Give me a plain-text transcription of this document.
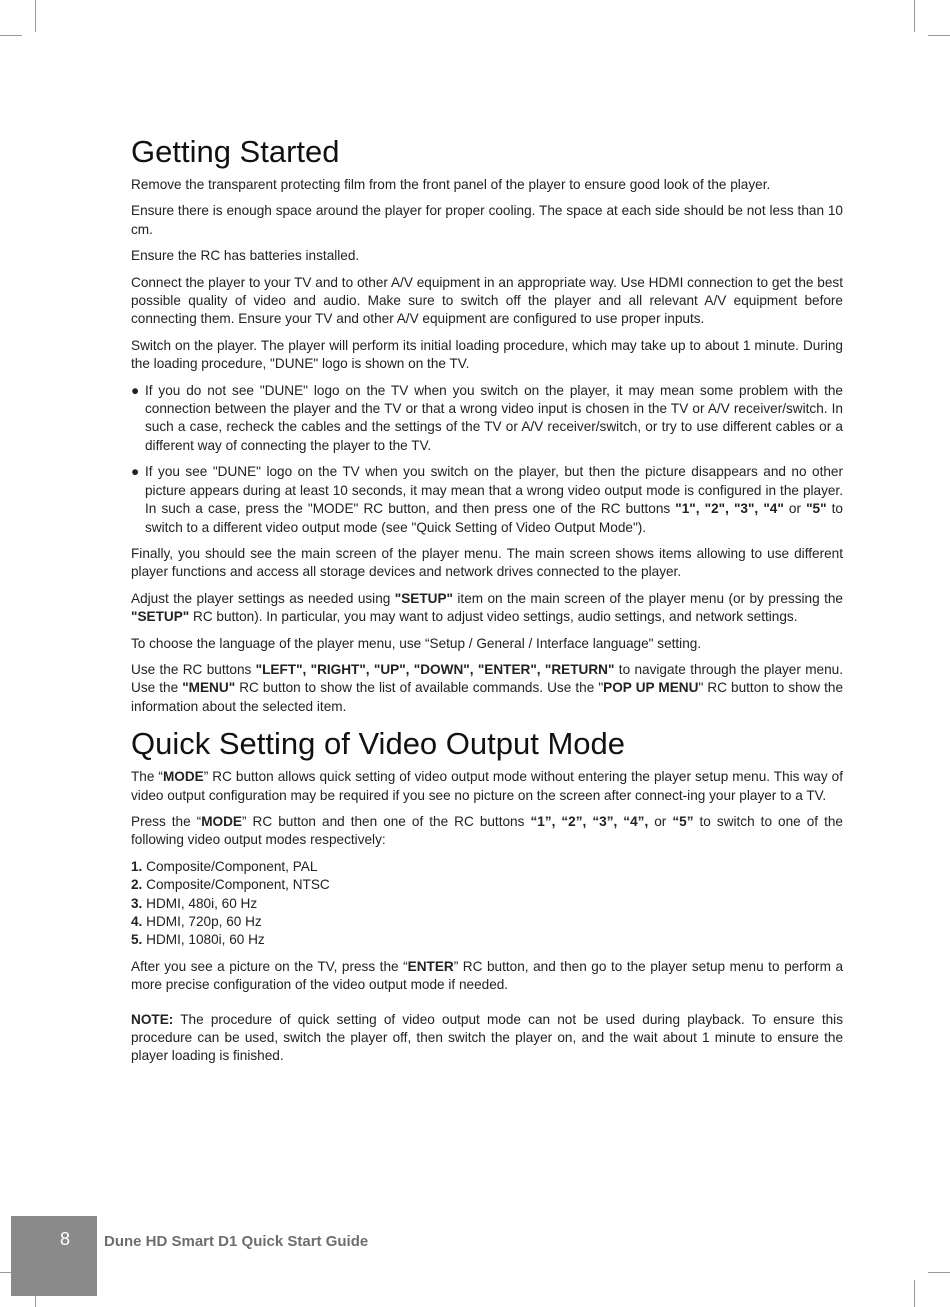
Getting Started

Remove the transparent protecting film from the front panel of the player to ensure good look of the player.

Ensure there is enough space around the player for proper cooling. The space at each side should be not less than 10 cm.

Ensure the RC has batteries installed.

Connect the player to your TV and to other A/V equipment in an appropriate way. Use HDMI connection to get the best possible quality of video and audio. Make sure to switch off the player and all relevant A/V equipment before connecting them. Ensure your TV and other A/V equipment are configured to use proper inputs.

Switch on the player. The player will perform its initial loading procedure, which may take up to about 1 minute. During the loading procedure, "DUNE" logo is shown on the TV.

● If you do not see "DUNE" logo on the TV when you switch on the player, it may mean some problem with the connection between the player and the TV or that a wrong video input is chosen in the TV or A/V receiver/switch. In such a case, recheck the cables and the settings of the TV or A/V receiver/switch, or try to use different cables or a different way of connecting the player to the TV.

● If you see "DUNE" logo on the TV when you switch on the player, but then the picture disappears and no other picture appears during at least 10 seconds, it may mean that a wrong video output mode is configured in the player. In such a case, press the "MODE" RC button, and then press one of the RC buttons "1", "2", "3", "4" or "5" to switch to a different video output mode (see "Quick Setting of Video Output Mode").

Finally, you should see the main screen of the player menu. The main screen shows items allowing to use different player functions and access all storage devices and network drives connected to the player.

Adjust the player settings as needed using "SETUP" item on the main screen of the player menu (or by pressing the "SETUP" RC button). In particular, you may want to adjust video settings, audio settings, and network settings.

To choose the language of the player menu, use “Setup / General / Interface language" setting.

Use the RC buttons "LEFT", "RIGHT", "UP", "DOWN", "ENTER", "RETURN" to navigate through the player menu. Use the "MENU" RC button to show the list of available commands. Use the "POP UP MENU" RC button to show the information about the selected item.

Quick Setting of Video Output Mode

The “MODE” RC button allows quick setting of video output mode without entering the player setup menu. This way of video output configuration may be required if you see no picture on the screen after connect-ing your player to a TV.

Press the “MODE” RC button and then one of the RC buttons “1”, “2”, “3”, “4”, or “5” to switch to one of the following video output modes respectively:

1. Composite/Component, PAL
2. Composite/Component, NTSC
3. HDMI, 480i, 60 Hz
4. HDMI, 720p, 60 Hz
5. HDMI, 1080i, 60 Hz

After you see a picture on the TV, press the “ENTER” RC button, and then go to the player setup menu to perform a more precise configuration of the video output mode if needed.

NOTE: The procedure of quick setting of video output mode can not be used during playback. To ensure this procedure can be used, switch the player off, then switch the player on, and the wait about 1 minute to ensure the player loading is finished.

8	Dune HD Smart D1 Quick Start Guide
